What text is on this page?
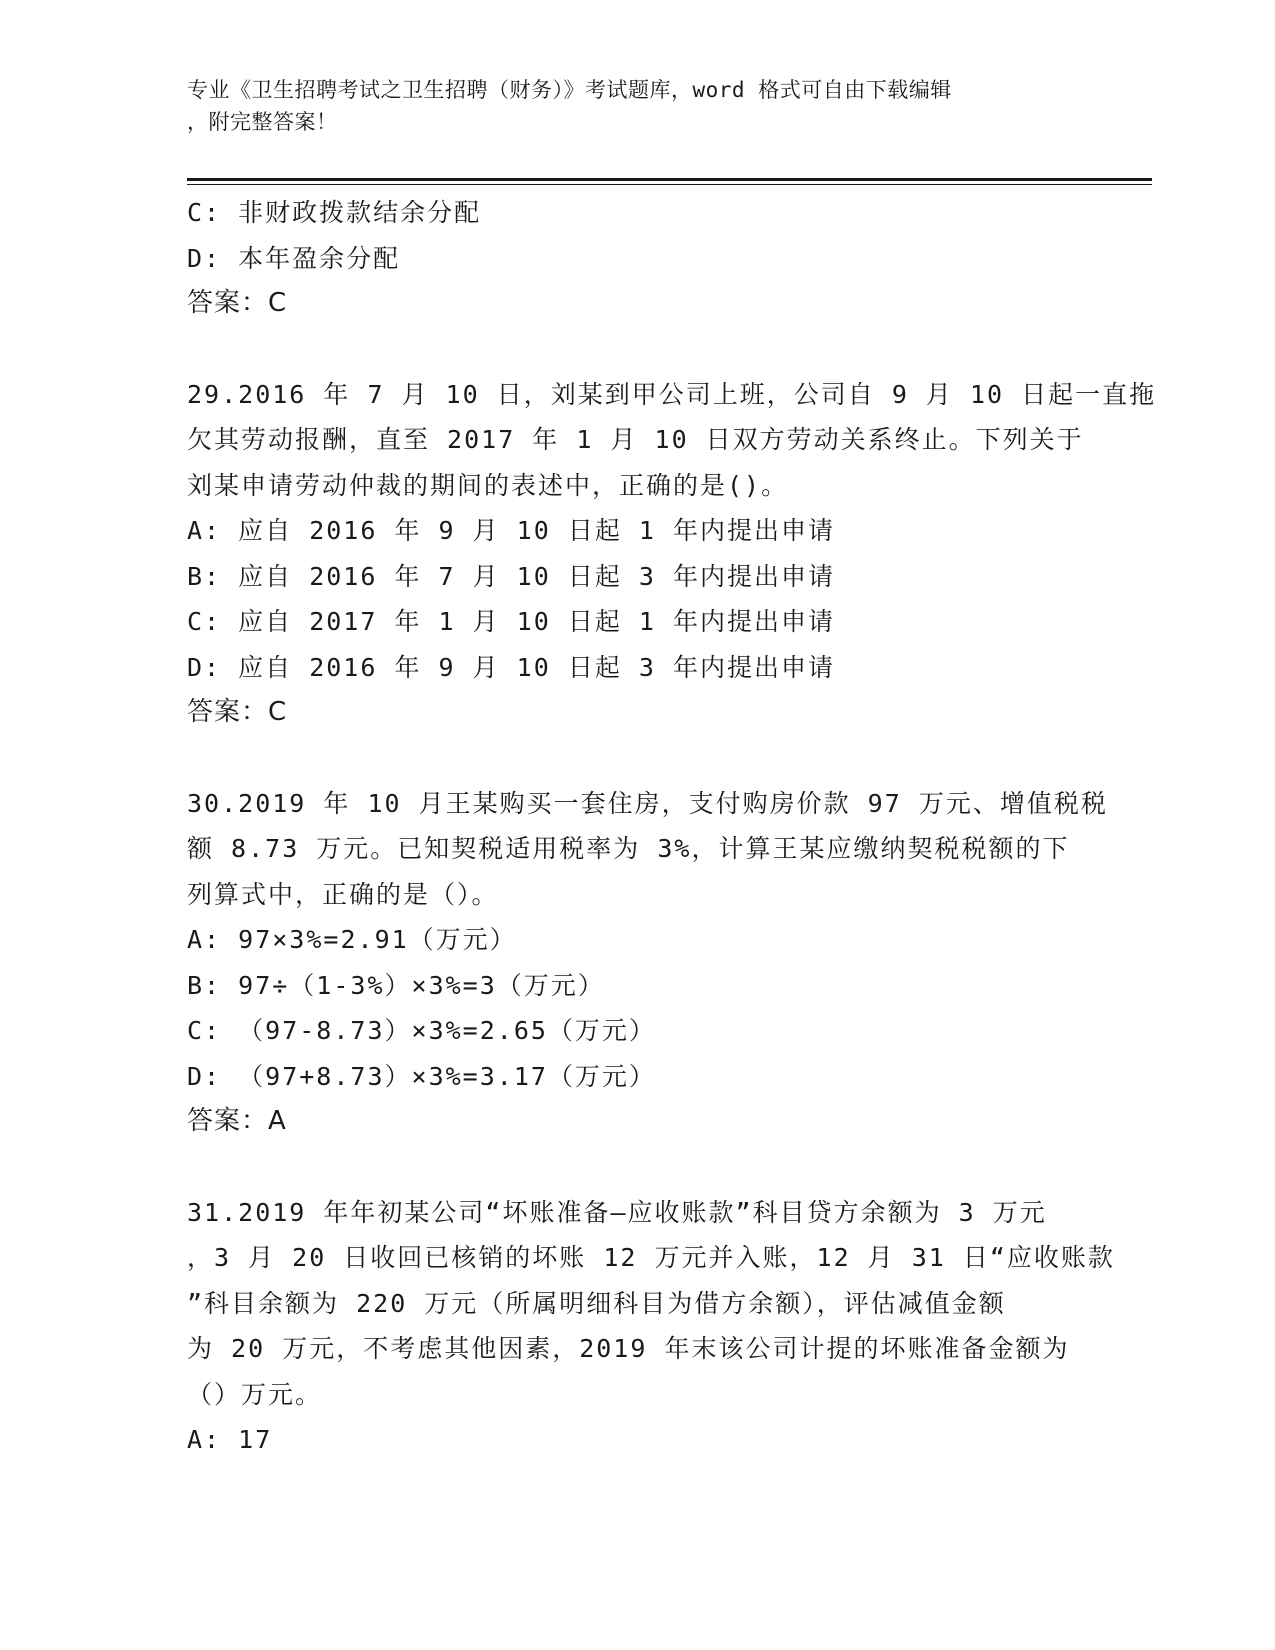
专业《卫生招聘考试之卫生招聘（财务）》考试题库，word 格式可自由下载编辑
，附完整答案！
C: 非财政拨款结余分配
D: 本年盈余分配
答案：C
29.2016 年 7 月 10 日，刘某到甲公司上班，公司自 9 月 10 日起一直拖
欠其劳动报酬，直至 2017 年 1 月 10 日双方劳动关系终止。下列关于
刘某申请劳动仲裁的期间的表述中，正确的是()。
A: 应自 2016 年 9 月 10 日起 1 年内提出申请
B: 应自 2016 年 7 月 10 日起 3 年内提出申请
C: 应自 2017 年 1 月 10 日起 1 年内提出申请
D: 应自 2016 年 9 月 10 日起 3 年内提出申请
答案：C
30.2019 年 10 月王某购买一套住房，支付购房价款 97 万元、增值税税
额 8.73 万元。已知契税适用税率为 3%，计算王某应缴纳契税税额的下
列算式中，正确的是（）。
A: 97×3%=2.91（万元）
B: 97÷（1-3%）×3%=3（万元）
C: （97-8.73）×3%=2.65（万元）
D: （97+8.73）×3%=3.17（万元）
答案：A
31.2019 年年初某公司“坏账准备—应收账款”科目贷方余额为 3 万元
，3 月 20 日收回已核销的坏账 12 万元并入账，12 月 31 日“应收账款
”科目余额为 220 万元（所属明细科目为借方余额），评估减值金额
为 20 万元，不考虑其他因素，2019 年末该公司计提的坏账准备金额为
（）万元。
A: 17
